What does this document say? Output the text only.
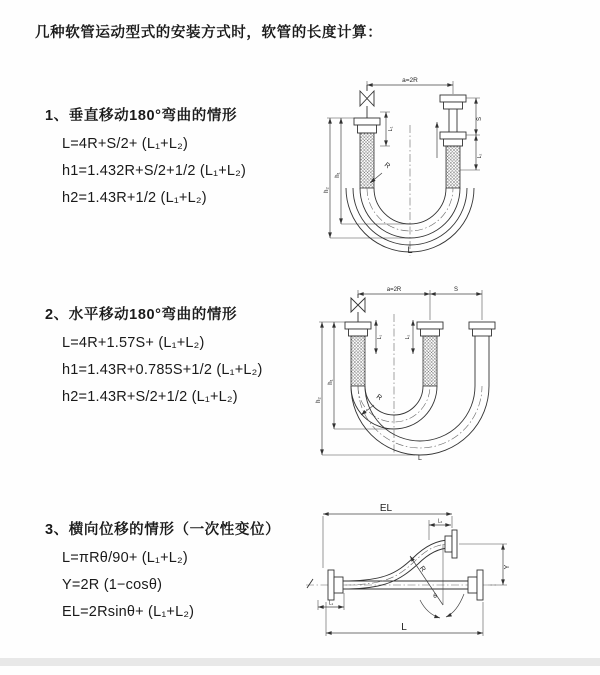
几种软管运动型式的安装方式时，软管的长度计算：
1、垂直移动180°弯曲的情形
L=4R+S/2+ (L₁+L₂)
h1=1.432R+S/2+1/2 (L₁+L₂)
h2=1.43R+1/2 (L₁+L₂)
2、水平移动180°弯曲的情形
L=4R+1.57S+ (L₁+L₂)
h1=1.43R+0.785S+1/2 (L₁+L₂)
h2=1.43R+S/2+1/2 (L₁+L₂)
3、横向位移的情形（一次性变位）
L=πRθ/90+ (L₁+L₂)
Y=2R (1−cosθ)
EL=2Rsinθ+ (L₁+L₂)
a=2R
L₁
h₁
h₂
S
L₂
R
L
a=2R	S
L₁	L₂
h₁
h₂	R
L
EL
L₂
Y
R
θ
L₁
L
